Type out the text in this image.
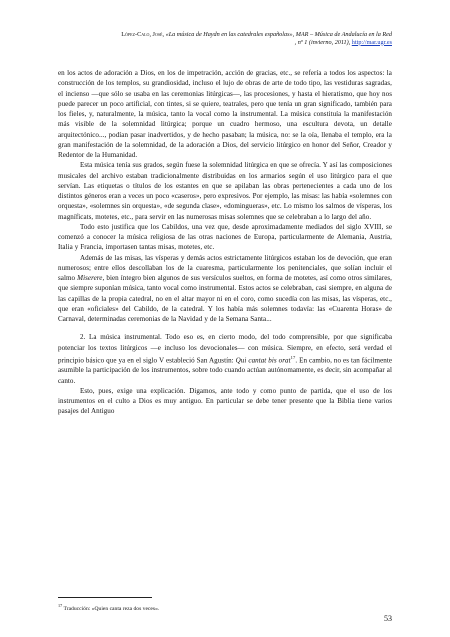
López-Calo, José, «La música de Haydn en las catedrales españolas», MAR – Música de Andalucía en la Red
, nº 1 (invierno, 2011), http://mar.ugr.es

en los actos de adoración a Dios, en los de impetración, acción de gracias, etc., se refería a todos los aspectos: la construcción de los templos, su grandiosidad, incluso el lujo de obras de arte de todo tipo, las vestiduras sagradas, el incienso —que sólo se usaba en las ceremonias litúrgicas—, las procesiones, y hasta el hieratismo, que hoy nos puede parecer un poco artificial, con tintes, si se quiere, teatrales, pero que tenía un gran significado, también para los fieles, y, naturalmente, la música, tanto la vocal como la instrumental. La música constituía la manifestación más visible de la solemnidad litúrgica; porque un cuadro hermoso, una escultura devota, un detalle arquitectónico..., podían pasar inadvertidos, y de hecho pasaban; la música, no: se la oía, llenaba el templo, era la gran manifestación de la solemnidad, de la adoración a Dios, del servicio litúrgico en honor del Señor, Creador y Redentor de la Humanidad.

Esta música tenía sus grados, según fuese la solemnidad litúrgica en que se ofrecía. Y así las composiciones musicales del archivo estaban tradicionalmente distribuidas en los armarios según el uso litúrgico para el que servían. Las etiquetas o títulos de los estantes en que se apilaban las obras pertenecientes a cada uno de los distintos géneros eran a veces un poco «caseros», pero expresivos. Por ejemplo, las misas: las había «solemnes con orquesta», «solemnes sin orquesta», «de segunda clase», «domingueras», etc. Lo mismo los salmos de vísperas, los magníficats, motetes, etc., para servir en las numerosas misas solemnes que se celebraban a lo largo del año.

Todo esto justifica que los Cabildos, una vez que, desde aproximadamente mediados del siglo XVIII, se comenzó a conocer la música religiosa de las otras naciones de Europa, particularmente de Alemania, Austria, Italia y Francia, importasen tantas misas, motetes, etc.

Además de las misas, las vísperas y demás actos estrictamente litúrgicos estaban los de devoción, que eran numerosos; entre ellos descollaban los de la cuaresma, particularmente los penitenciales, que solían incluir el salmo Miserere, bien íntegro bien algunos de sus versículos sueltos, en forma de motetes, así como otros similares, que siempre suponían música, tanto vocal como instrumental. Estos actos se celebraban, casi siempre, en alguna de las capillas de la propia catedral, no en el altar mayor ni en el coro, como sucedía con las misas, las vísperas, etc., que eran «oficiales» del Cabildo, de la catedral. Y los había más solemnes todavía: las «Cuarenta Horas» de Carnaval, determinadas ceremonias de la Navidad y de la Semana Santa...

2. La música instrumental. Todo eso es, en cierto modo, del todo comprensible, por que significaba potenciar los textos litúrgicos —e incluso los devocionales— con música. Siempre, en efecto, será verdad el principio básico que ya en el siglo V estableció San Agustín: Qui cantat bis orat$^{17}$. En cambio, no es tan fácilmente asumible la participación de los instrumentos, sobre todo cuando actúan autónomamente, es decir, sin acompañar al canto.

Esto, pues, exige una explicación. Digamos, ante todo y como punto de partida, que el uso de los instrumentos en el culto a Dios es muy antiguo. En particular se debe tener presente que la Biblia tiene varios pasajes del Antiguo

$^{17}$ Traducción: «Quien canta reza dos veces».
53
